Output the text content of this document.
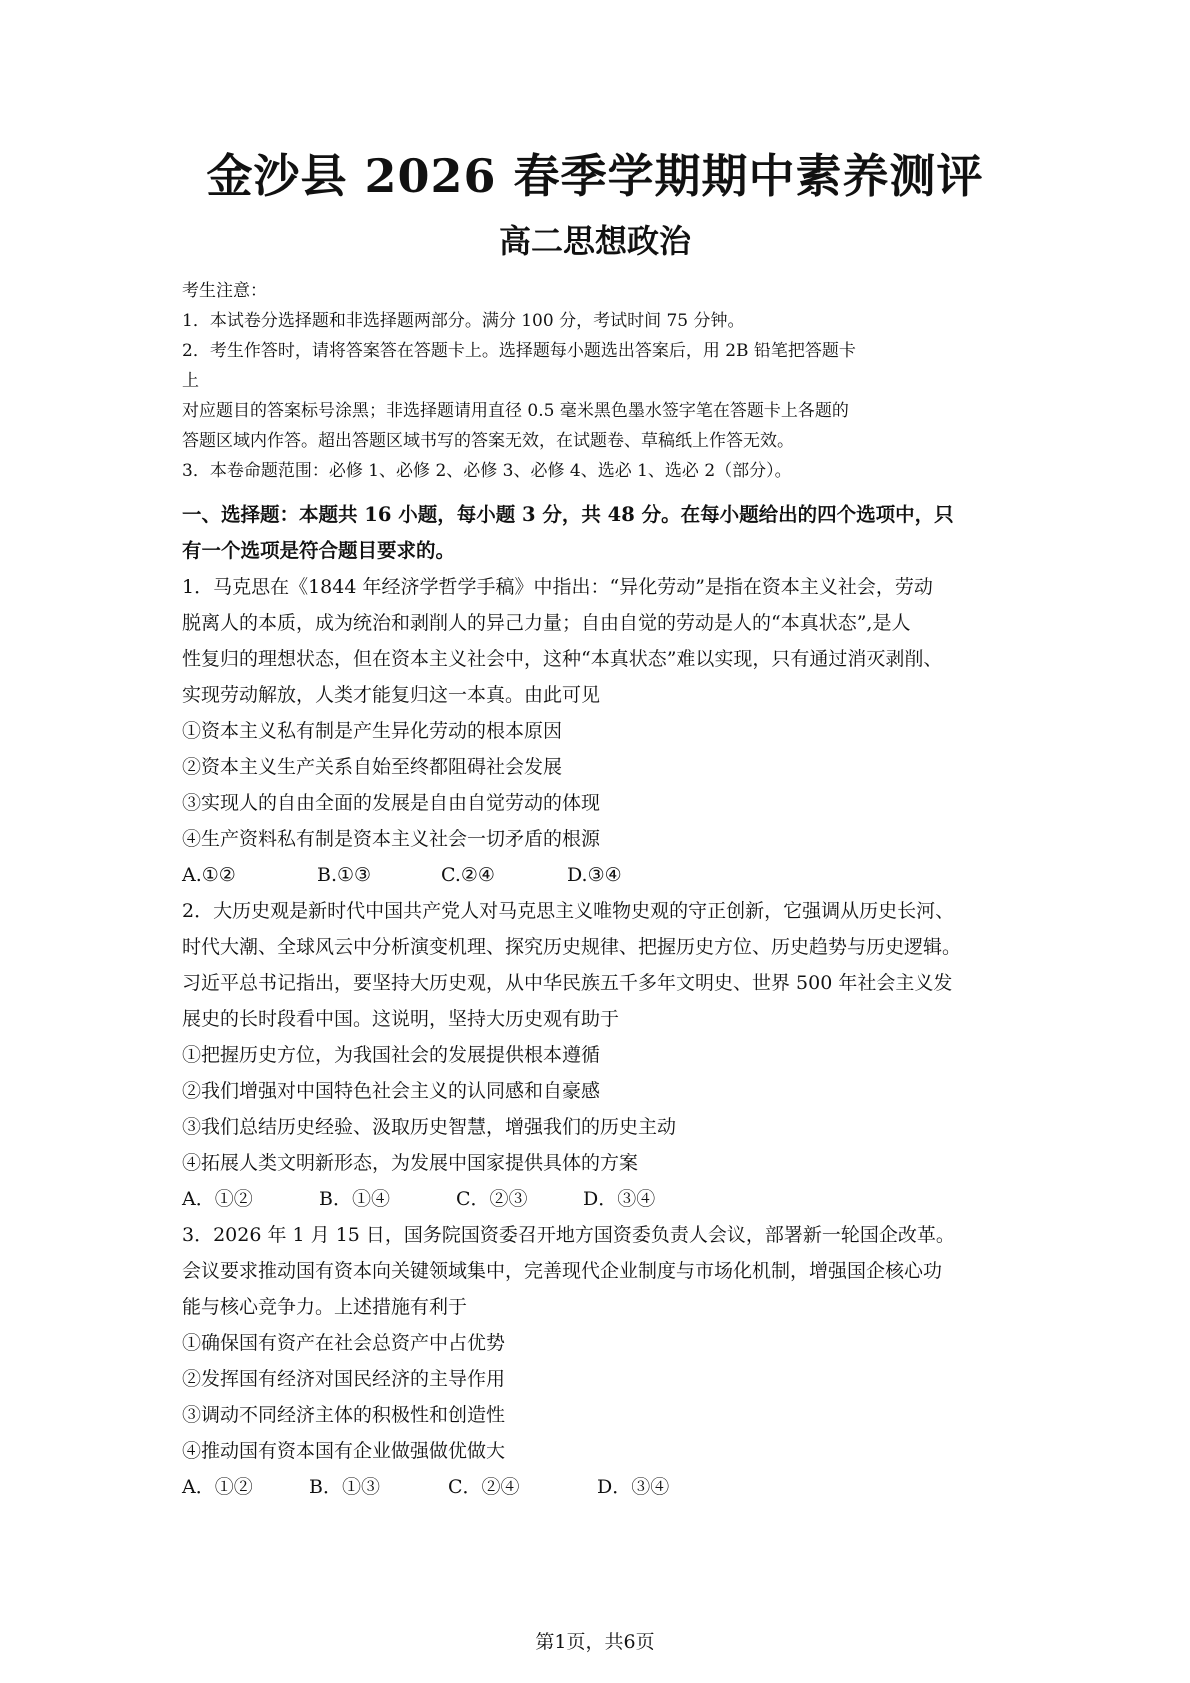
金沙县 2026 春季学期期中素养测评
高二思想政治
考生注意：
1．本试卷分选择题和非选择题两部分。满分 100 分，考试时间 75 分钟。
2．考生作答时，请将答案答在答题卡上。选择题每小题选出答案后，用 2B 铅笔把答题卡
上
对应题目的答案标号涂黑；非选择题请用直径 0.5 毫米黑色墨水签字笔在答题卡上各题的
答题区域内作答。超出答题区域书写的答案无效，在试题卷、草稿纸上作答无效。
3．本卷命题范围：必修 1、必修 2、必修 3、必修 4、选必 1、选必 2（部分）。
一、选择题：本题共 16 小题，每小题 3 分，共 48 分。在每小题给出的四个选项中，只
有一个选项是符合题目要求的。
1．马克思在《1844 年经济学哲学手稿》中指出：“异化劳动”是指在资本主义社会，劳动
脱离人的本质，成为统治和剥削人的异己力量；自由自觉的劳动是人的“本真状态”,是人
性复归的理想状态，但在资本主义社会中，这种“本真状态”难以实现，只有通过消灭剥削、
实现劳动解放，人类才能复归这一本真。由此可见
①资本主义私有制是产生异化劳动的根本原因
②资本主义生产关系自始至终都阻碍社会发展
③实现人的自由全面的发展是自由自觉劳动的体现
④生产资料私有制是资本主义社会一切矛盾的根源
A.①②	B.①③	C.②④	D.③④
2．大历史观是新时代中国共产党人对马克思主义唯物史观的守正创新，它强调从历史长河、
时代大潮、全球风云中分析演变机理、探究历史规律、把握历史方位、历史趋势与历史逻辑。
习近平总书记指出，要坚持大历史观，从中华民族五千多年文明史、世界 500 年社会主义发
展史的长时段看中国。这说明，坚持大历史观有助于
①把握历史方位，为我国社会的发展提供根本遵循
②我们增强对中国特色社会主义的认同感和自豪感
③我们总结历史经验、汲取历史智慧，增强我们的历史主动
④拓展人类文明新形态，为发展中国家提供具体的方案
A．①②	B．①④	C．②③	D．③④
3．2026 年 1 月 15 日，国务院国资委召开地方国资委负责人会议，部署新一轮国企改革。
会议要求推动国有资本向关键领域集中，完善现代企业制度与市场化机制，增强国企核心功
能与核心竞争力。上述措施有利于
①确保国有资产在社会总资产中占优势
②发挥国有经济对国民经济的主导作用
③调动不同经济主体的积极性和创造性
④推动国有资本国有企业做强做优做大
A．①②	B．①③	C．②④	D．③④
第1页，共6页
